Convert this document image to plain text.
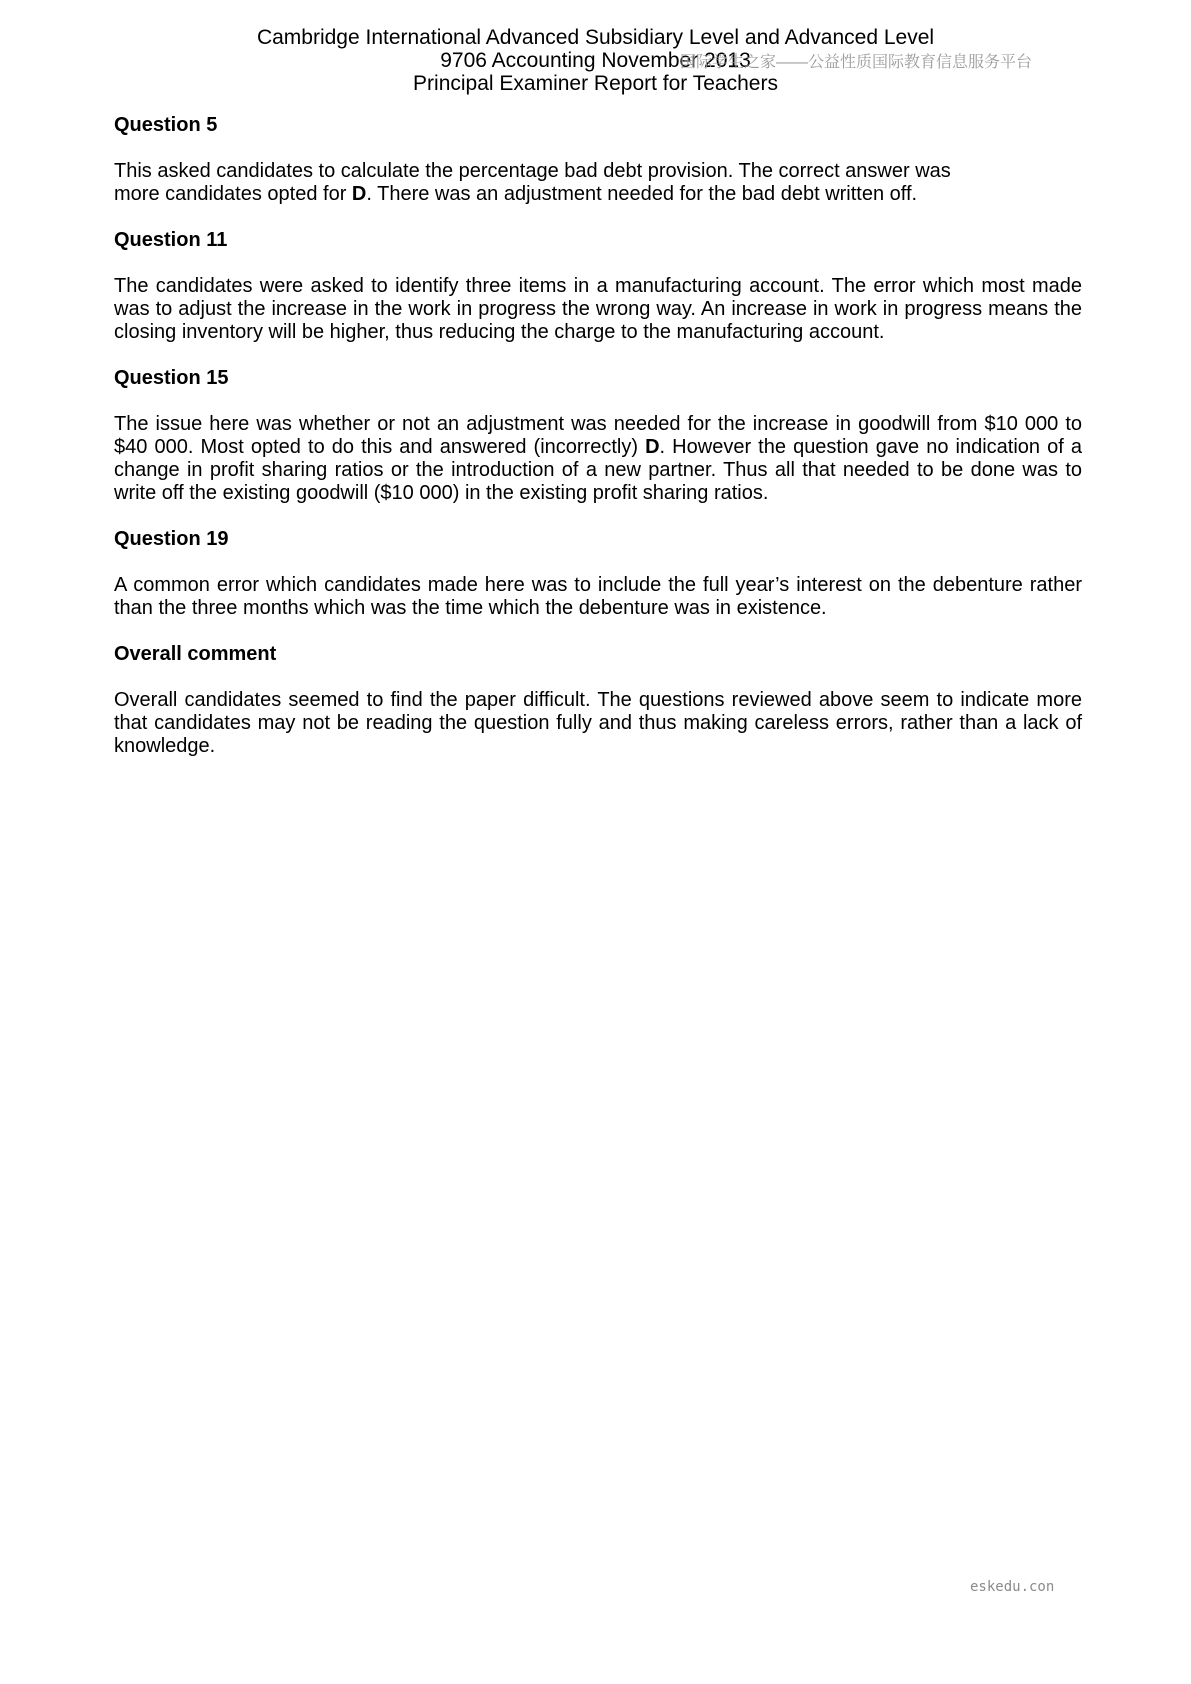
Cambridge International Advanced Subsidiary Level and Advanced Level
9706 Accounting November 2013
Principal Examiner Report for Teachers
国际学生之家——公益性质国际教育信息服务平台
Question 5

This asked candidates to calculate the percentage bad debt provision. The correct answer was
more candidates opted for D. There was an adjustment needed for the bad debt written off.

Question 11

The candidates were asked to identify three items in a manufacturing account. The error which most made was to adjust the increase in the work in progress the wrong way. An increase in work in progress means the closing inventory will be higher, thus reducing the charge to the manufacturing account.

Question 15

The issue here was whether or not an adjustment was needed for the increase in goodwill from $10 000 to $40 000. Most opted to do this and answered (incorrectly) D. However the question gave no indication of a change in profit sharing ratios or the introduction of a new partner. Thus all that needed to be done was to write off the existing goodwill ($10 000) in the existing profit sharing ratios.

Question 19

A common error which candidates made here was to include the full year’s interest on the debenture rather than the three months which was the time which the debenture was in existence.

Overall comment

Overall candidates seemed to find the paper difficult. The questions reviewed above seem to indicate more that candidates may not be reading the question fully and thus making careless errors, rather than a lack of knowledge.

eskedu.con
